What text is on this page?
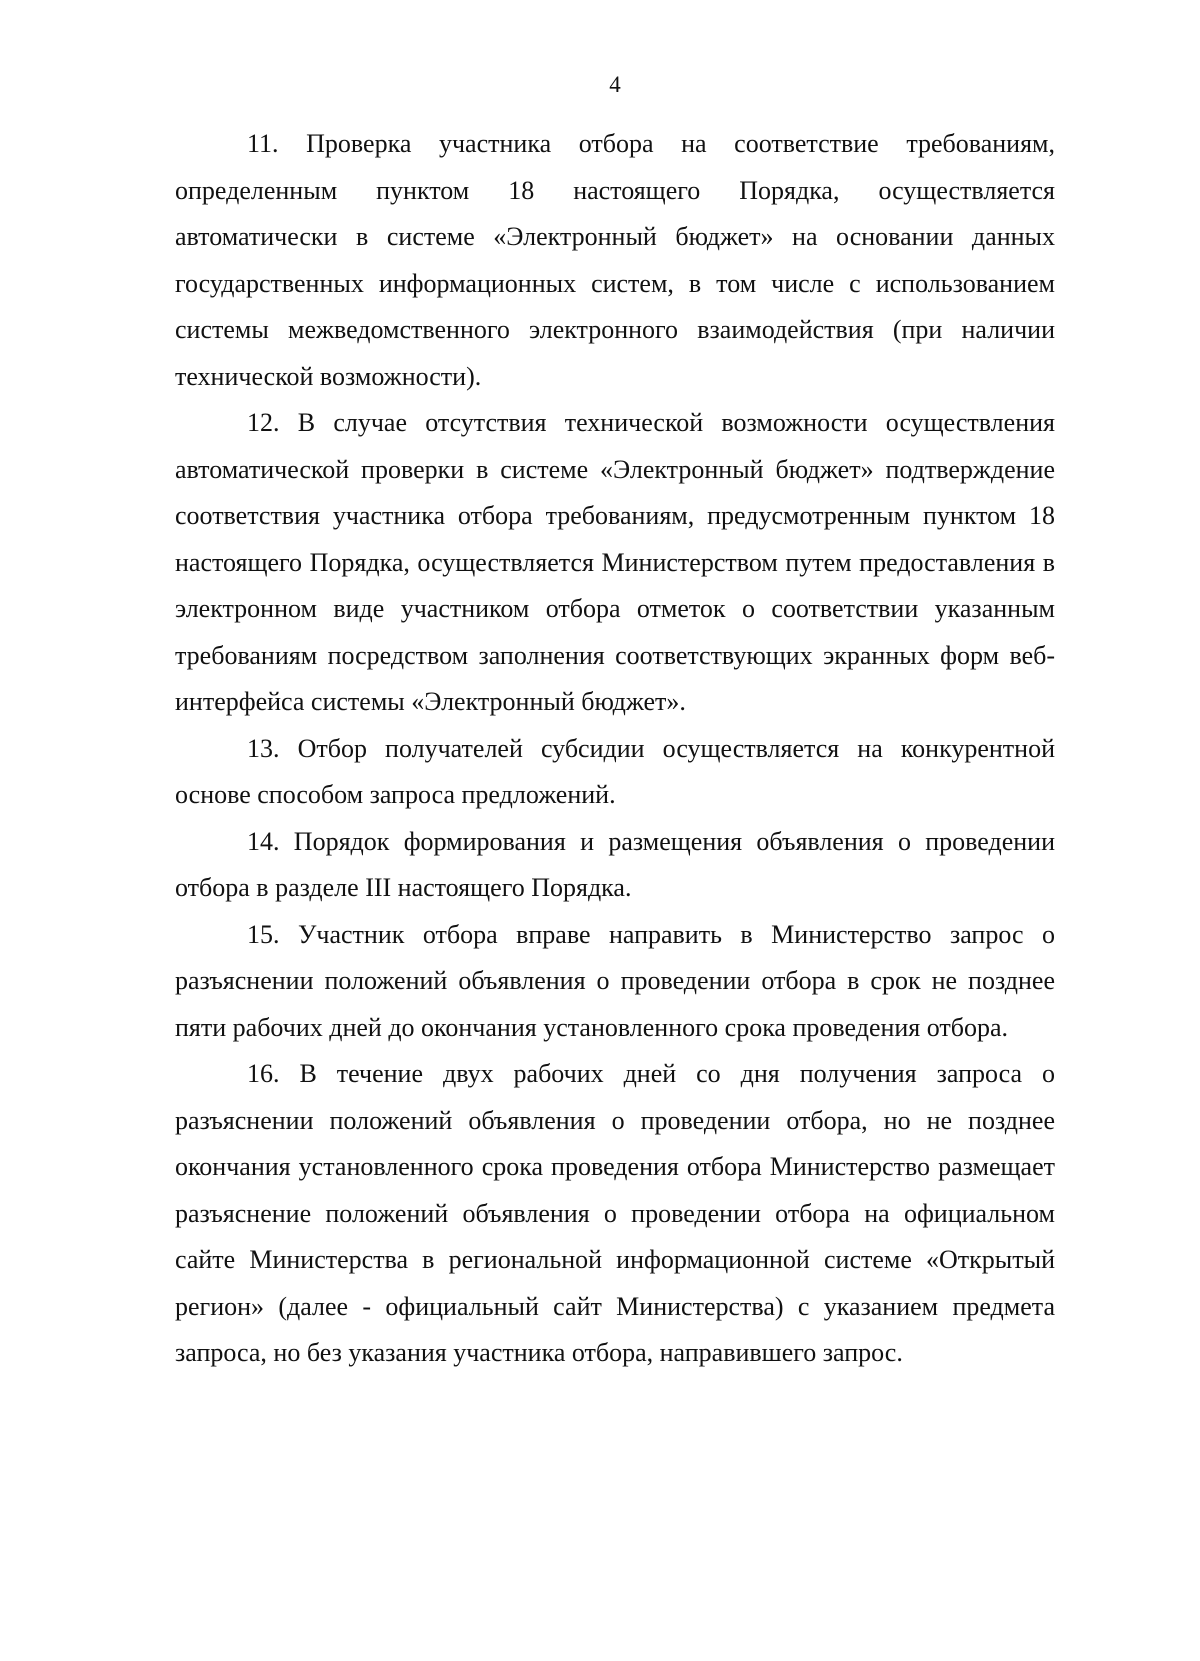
4

11. Проверка участника отбора на соответствие требованиям, определенным пунктом 18 настоящего Порядка, осуществляется автоматически в системе «Электронный бюджет» на основании данных государственных информационных систем, в том числе с использованием системы межведомственного электронного взаимодействия (при наличии технической возможности).

12. В случае отсутствия технической возможности осуществления автоматической проверки в системе «Электронный бюджет» подтверждение соответствия участника отбора требованиям, предусмотренным пунктом 18 настоящего Порядка, осуществляется Министерством путем предоставления в электронном виде участником отбора отметок о соответствии указанным требованиям посредством заполнения соответствующих экранных форм веб-интерфейса системы «Электронный бюджет».

13. Отбор получателей субсидии осуществляется на конкурентной основе способом запроса предложений.

14. Порядок формирования и размещения объявления о проведении отбора в разделе III настоящего Порядка.

15. Участник отбора вправе направить в Министерство запрос о разъяснении положений объявления о проведении отбора в срок не позднее пяти рабочих дней до окончания установленного срока проведения отбора.

16. В течение двух рабочих дней со дня получения запроса о разъяснении положений объявления о проведении отбора, но не позднее окончания установленного срока проведения отбора Министерство размещает разъяснение положений объявления о проведении отбора на официальном сайте Министерства в региональной информационной системе «Открытый регион» (далее - официальный сайт Министерства) с указанием предмета запроса, но без указания участника отбора, направившего запрос.
